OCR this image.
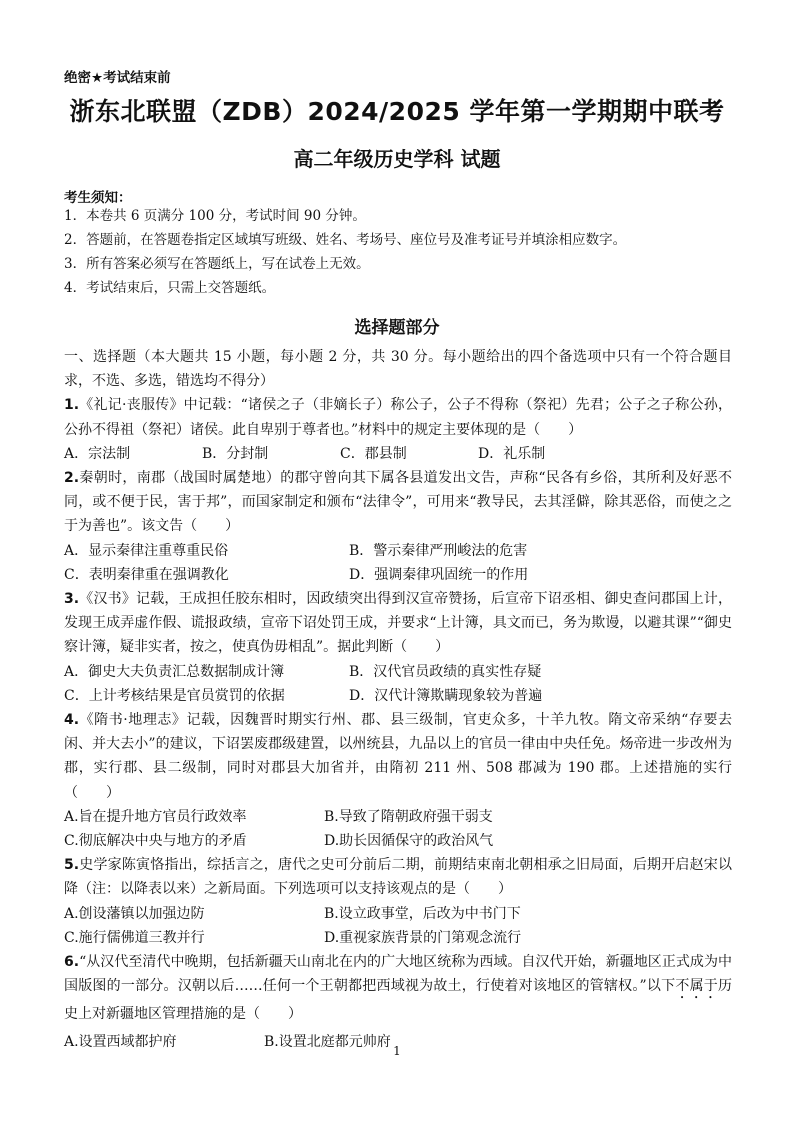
绝密★考试结束前
浙东北联盟（ZDB）2024/2025 学年第一学期期中联考
高二年级历史学科 试题
考生须知：
1．本卷共 6 页满分 100 分，考试时间 90 分钟。
2．答题前，在答题卷指定区域填写班级、姓名、考场号、座位号及准考证号并填涂相应数字。
3．所有答案必须写在答题纸上，写在试卷上无效。
4．考试结束后，只需上交答题纸。
选择题部分

一、选择题（本大题共 15 小题，每小题 2 分，共 30 分。每小题给出的四个备选项中只有一个符合题目求，不选、多选，错选均不得分）

1.《礼记·丧服传》中记载：“诸侯之子（非嫡长子）称公子，公子不得称（祭祀）先君；公子之子称公孙，公孙不得祖（祭祀）诸侯。此自卑别于尊者也。”材料中的规定主要体现的是（　　）
A．宗法制	B．分封制	C．郡县制	D．礼乐制
2.秦朝时，南郡（战国时属楚地）的郡守曾向其下属各县道发出文告，声称“民各有乡俗，其所利及好恶不同，或不便于民，害于邦”，而国家制定和颁布“法律令”，可用来“教导民，去其淫僻，除其恶俗，而使之之于为善也”。该文告（　　）
A．显示秦律注重尊重民俗	B．警示秦律严刑峻法的危害
C．表明秦律重在强调教化	D．强调秦律巩固统一的作用
3.《汉书》记载，王成担任胶东相时，因政绩突出得到汉宣帝赞扬，后宣帝下诏丞相、御史查问郡国上计，发现王成弄虚作假、谎报政绩，宣帝下诏处罚王成，并要求“上计簿，具文而已，务为欺谩，以避其课”“御史察计簿，疑非实者，按之，使真伪毋相乱”。据此判断（　　）
A．御史大夫负责汇总数据制成计簿	B．汉代官员政绩的真实性存疑
C．上计考核结果是官员赏罚的依据	D．汉代计簿欺瞒现象较为普遍
4.《隋书·地理志》记载，因魏晋时期实行州、郡、县三级制，官吏众多，十羊九牧。隋文帝采纳“存要去闲、并大去小”的建议，下诏罢废郡级建置，以州统县，九品以上的官员一律由中央任免。炀帝进一步改州为郡，实行郡、县二级制，同时对郡县大加省并，由隋初 211 州、508 郡减为 190 郡。上述措施的实行（　　）
A.旨在提升地方官员行政效率	B.导致了隋朝政府强干弱支
C.彻底解决中央与地方的矛盾	D.助长因循保守的政治风气
5.史学家陈寅恪指出，综括言之，唐代之史可分前后二期，前期结束南北朝相承之旧局面，后期开启赵宋以降（注：以降表以来）之新局面。下列选项可以支持该观点的是（　　）
A.创设藩镇以加强边防	B.设立政事堂，后改为中书门下
C.施行儒佛道三教并行	D.重视家族背景的门第观念流行
6.“从汉代至清代中晚期，包括新疆天山南北在内的广大地区统称为西域。自汉代开始，新疆地区正式成为中国版图的一部分。汉朝以后……任何一个王朝都把西域视为故土，行使着对该地区的管辖权。”以下不属于历史上对新疆地区管理措施的是（　　）
A.设置西域都护府	B.设置北庭都元帅府
1
